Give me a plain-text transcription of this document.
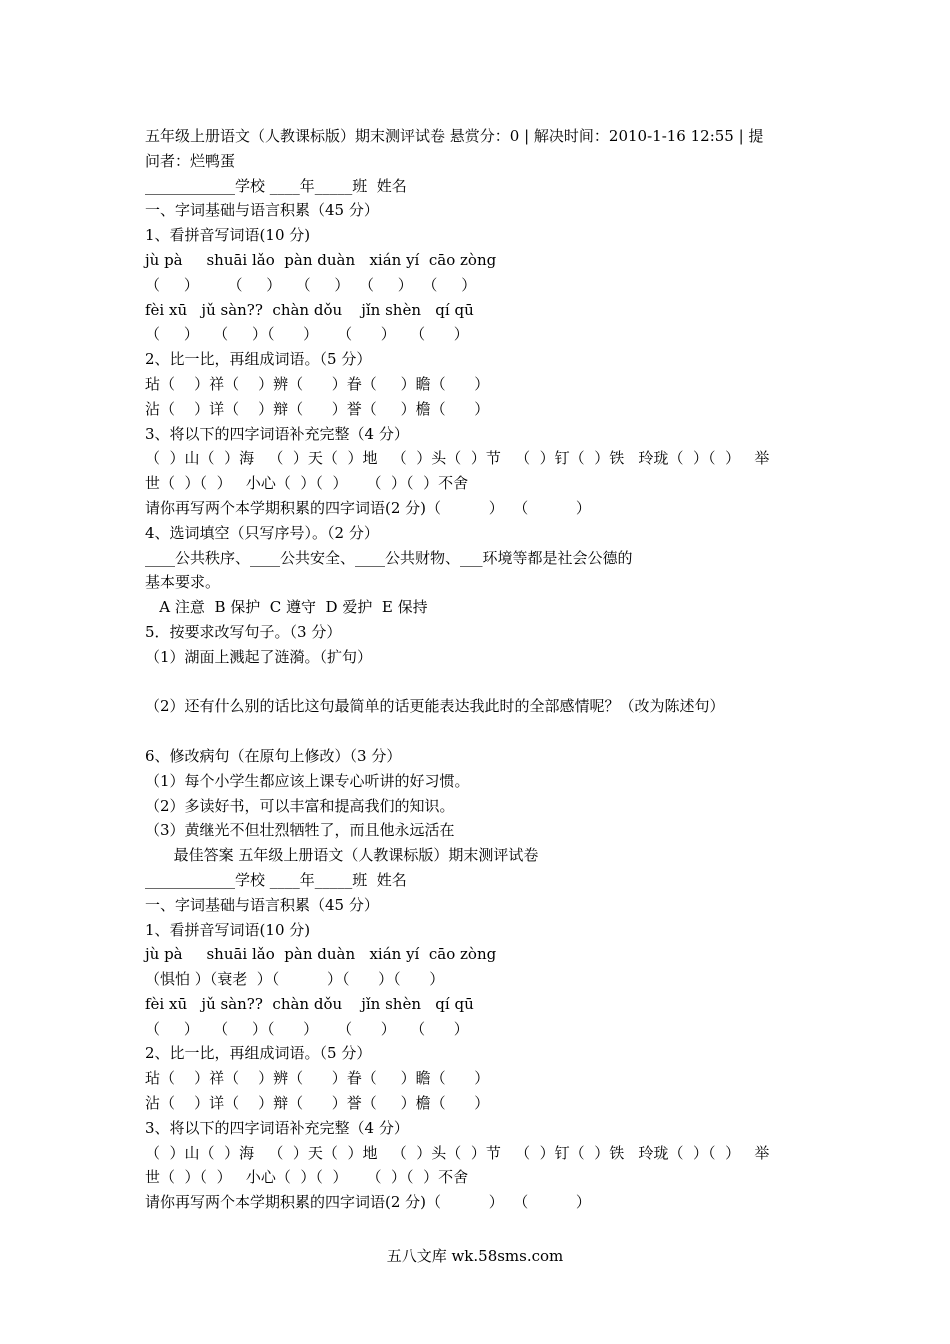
五年级上册语文（人教课标版）期末测评试卷 悬赏分：0 | 解决时间：2010-1-16 12:55 | 提
问者：烂鸭蛋
____________学校 ____年_____班  姓名
一、字词基础与语言积累（45 分）
1、看拼音写词语(10 分)
jù pà     shuāi lǎo  pàn duàn   xián yí  cāo zòng
（     ）      （     ）   （     ）  （     ）  （     ）
fèi xū   jǔ sàn??  chàn dǒu    jǐn shèn   qí qū
（     ）   （     ）（      ）    （      ）   （      ）
2、比一比，再组成词语。（5 分）
玷（    ）祥（    ）辨（      ）眷（     ）瞻（      ）
沾（    ）详（    ）辩（      ）誉（     ）檐（      ）
3、将以下的四字词语补充完整（4 分）
（  ）山（  ）海   （  ）天（  ）地   （  ）头（  ）节   （  ）钉（  ）铁   玲珑（  ）（  ）   举
世（  ）（  ）   小心（  ）（  ）    （  ）（  ）不舍
请你再写两个本学期积累的四字词语(2 分)（          ）  （          ）
4、选词填空（只写序号）。（2 分）
____公共秩序、____公共安全、____公共财物、___环境等都是社会公德的
基本要求。
A 注意  B 保护  C 遵守  D 爱护  E 保持
5．按要求改写句子。（3 分）
（1）湖面上溅起了涟漪。（扩句）
（2）还有什么别的话比这句最简单的话更能表达我此时的全部感情呢？（改为陈述句）
6、修改病句（在原句上修改）（3 分）
（1）每个小学生都应该上课专心听讲的好习惯。
（2）多读好书，可以丰富和提高我们的知识。
（3）黄继光不但壮烈牺牲了，而且他永远活在
最佳答案 五年级上册语文（人教课标版）期末测评试卷
____________学校 ____年_____班  姓名
一、字词基础与语言积累（45 分）
1、看拼音写词语(10 分)
jù pà     shuāi lǎo  pàn duàn   xián yí  cāo zòng
（惧怕 ）（衰老  ）（          ）（      ）（      ）
fèi xū   jǔ sàn??  chàn dǒu    jǐn shèn   qí qū
（     ）   （     ）（      ）    （      ）   （      ）
2、比一比，再组成词语。（5 分）
玷（    ）祥（    ）辨（      ）眷（     ）瞻（      ）
沾（    ）详（    ）辩（      ）誉（     ）檐（      ）
3、将以下的四字词语补充完整（4 分）
（  ）山（  ）海   （  ）天（  ）地   （  ）头（  ）节   （  ）钉（  ）铁   玲珑（  ）（  ）   举
世（  ）（  ）   小心（  ）（  ）    （  ）（  ）不舍
请你再写两个本学期积累的四字词语(2 分)（          ）  （          ）
五八文库 wk.58sms.com
